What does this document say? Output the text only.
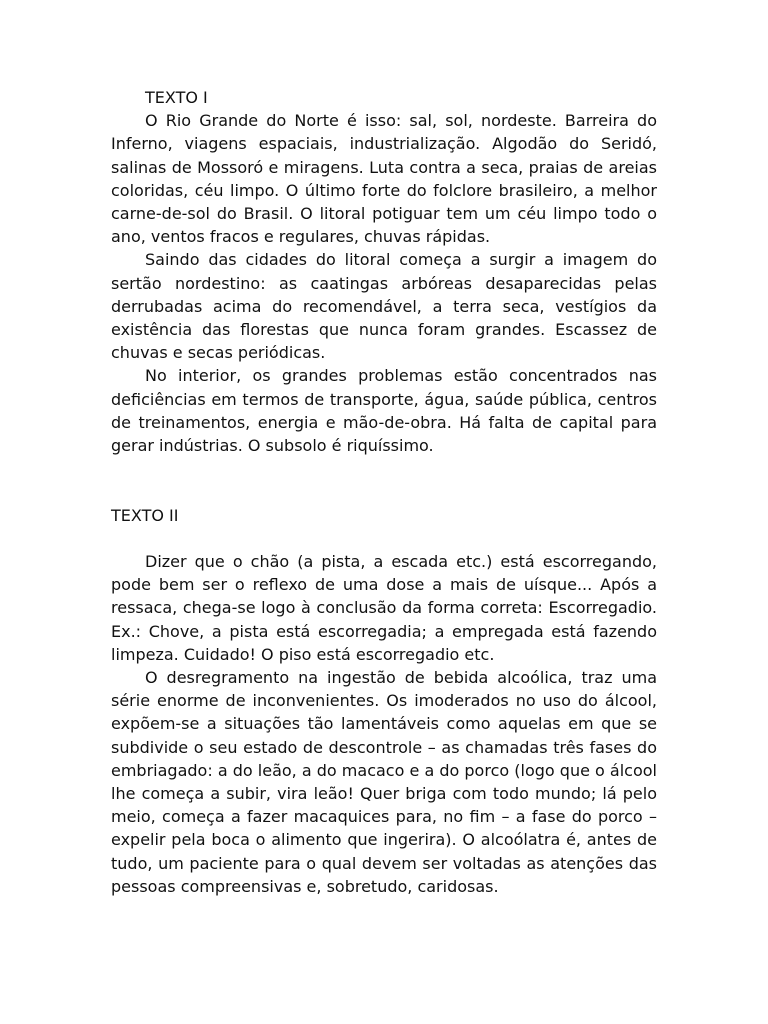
TEXTO I

O Rio Grande do Norte é isso: sal, sol, nordeste. Barreira do Inferno, viagens espaciais, industrialização. Algodão do Seridó, salinas de Mossoró e miragens. Luta contra a seca, praias de areias coloridas, céu limpo. O último forte do folclore brasileiro, a melhor carne-de-sol do Brasil. O litoral potiguar tem um céu limpo todo o ano, ventos fracos e regulares, chuvas rápidas.

Saindo das cidades do litoral começa a surgir a imagem do sertão nordestino: as caatingas arbóreas desaparecidas pelas derrubadas acima do recomendável, a terra seca, vestígios da existência das florestas que nunca foram grandes. Escassez de chuvas e secas periódicas.

No interior, os grandes problemas estão concentrados nas deficiências em termos de transporte, água, saúde pública, centros de treinamentos, energia e mão-de-obra. Há falta de capital para gerar indústrias. O subsolo é riquíssimo.

TEXTO II

Dizer que o chão (a pista, a escada etc.) está escorregando, pode bem ser o reflexo de uma dose a mais de uísque... Após a ressaca, chega-se logo à conclusão da forma correta: Escorregadio. Ex.: Chove, a pista está escorregadia; a empregada está fazendo limpeza. Cuidado! O piso está escorregadio etc.

O desregramento na ingestão de bebida alcoólica, traz uma série enorme de inconvenientes. Os imoderados no uso do álcool, expõem-se a situações tão lamentáveis como aquelas em que se subdivide o seu estado de descontrole – as chamadas três fases do embriagado: a do leão, a do macaco e a do porco (logo que o álcool lhe começa a subir, vira leão! Quer briga com todo mundo; lá pelo meio, começa a fazer macaquices para, no fim – a fase do porco – expelir pela boca o alimento que ingerira). O alcoólatra é, antes de tudo, um paciente para o qual devem ser voltadas as atenções das pessoas compreensivas e, sobretudo, caridosas.
